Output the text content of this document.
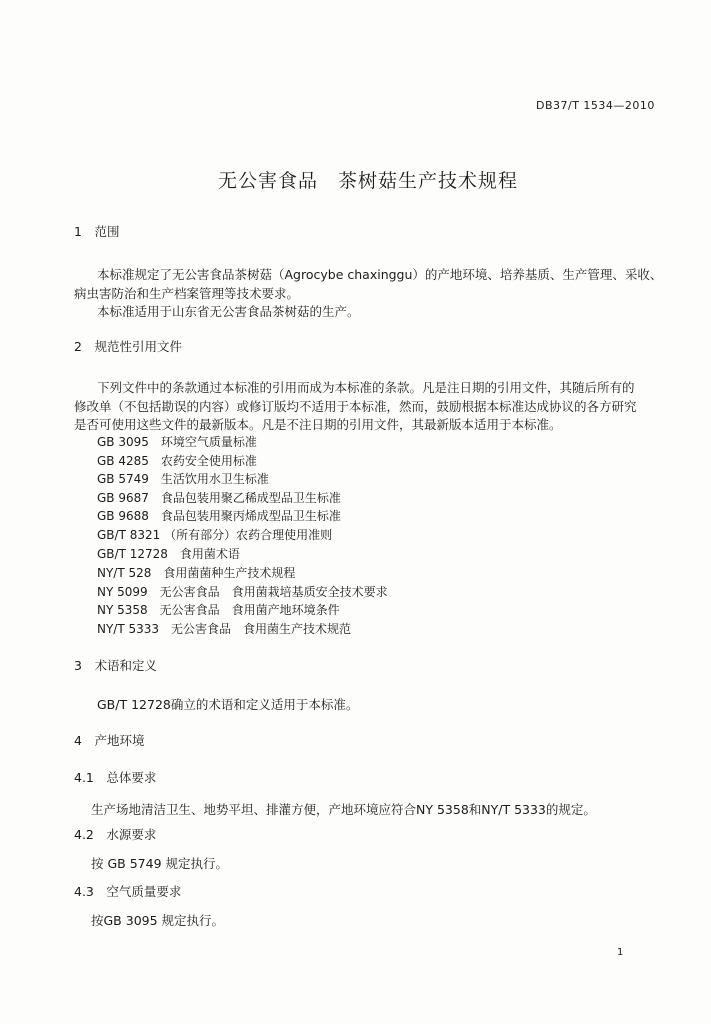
DB37/T 1534—2010
无公害食品　茶树菇生产技术规程
1　范围
本标准规定了无公害食品茶树菇（Agrocybe chaxinggu）的产地环境、培养基质、生产管理、采收、
病虫害防治和生产档案管理等技术要求。
本标准适用于山东省无公害食品茶树菇的生产。
2　规范性引用文件
下列文件中的条款通过本标准的引用而成为本标准的条款。凡是注日期的引用文件，其随后所有的
修改单（不包括勘误的内容）或修订版均不适用于本标准，然而，鼓励根据本标准达成协议的各方研究
是否可使用这些文件的最新版本。凡是不注日期的引用文件，其最新版本适用于本标准。
GB 3095　环境空气质量标准
GB 4285　农药安全使用标准
GB 5749　生活饮用水卫生标准
GB 9687　食品包装用聚乙稀成型品卫生标准
GB 9688　食品包装用聚丙烯成型品卫生标准
GB/T 8321 （所有部分）农药合理使用准则
GB/T 12728　食用菌术语
NY/T 528　食用菌菌种生产技术规程
NY 5099　无公害食品　食用菌栽培基质安全技术要求
NY 5358　无公害食品　食用菌产地环境条件
NY/T 5333　无公害食品　食用菌生产技术规范
3　术语和定义
GB/T 12728确立的术语和定义适用于本标准。
4　产地环境
4.1　总体要求
生产场地清洁卫生、地势平坦、排灌方便，产地环境应符合NY 5358和NY/T 5333的规定。
4.2　水源要求
按 GB 5749 规定执行。
4.3　空气质量要求
按GB 3095 规定执行。
1
